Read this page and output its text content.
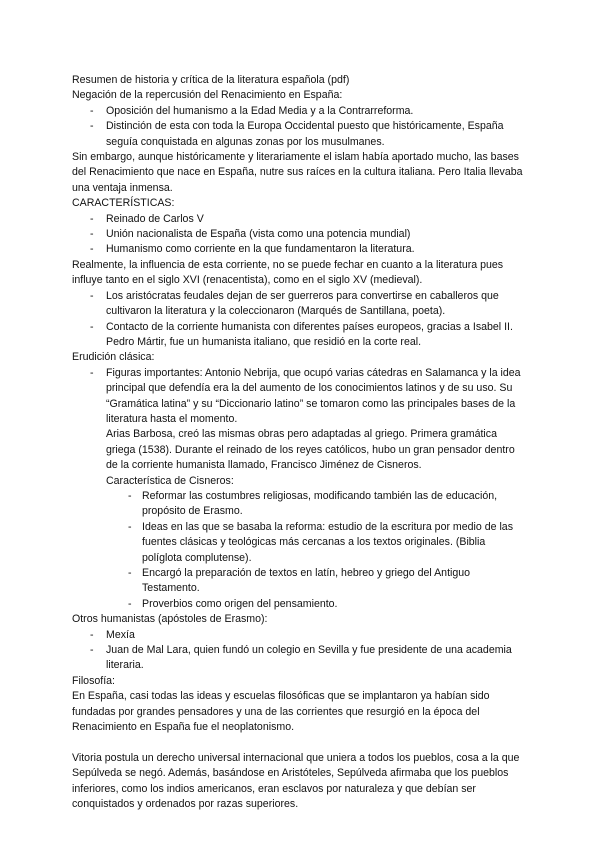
Resumen de historia y crítica de la literatura española (pdf)

Negación de la repercusión del Renacimiento en España:

- Oposición del humanismo a la Edad Media y a la Contrarreforma.
- Distinción de esta con toda la Europa Occidental puesto que históricamente, España seguía conquistada en algunas zonas por los musulmanes.

Sin embargo, aunque históricamente y literariamente el islam había aportado mucho, las bases del Renacimiento que nace en España, nutre sus raíces en la cultura italiana. Pero Italia llevaba una ventaja inmensa.

CARACTERÍSTICAS:

- Reinado de Carlos V
- Unión nacionalista de España (vista como una potencia mundial)
- Humanismo como corriente en la que fundamentaron la literatura.

Realmente, la influencia de esta corriente, no se puede fechar en cuanto a la literatura pues influye tanto en el siglo XVI (renacentista), como en el siglo XV (medieval).

- Los aristócratas feudales dejan de ser guerreros para convertirse en caballeros que cultivaron la literatura y la coleccionaron (Marqués de Santillana, poeta).
- Contacto de la corriente humanista con diferentes países europeos, gracias a Isabel II. Pedro Mártir, fue un humanista italiano, que residió en la corte real.

Erudición clásica:

- Figuras importantes: Antonio Nebrija, que ocupó varias cátedras en Salamanca y la idea principal que defendía era la del aumento de los conocimientos latinos y de su uso. Su “Gramática latina” y su “Diccionario latino” se tomaron como las principales bases de la literatura hasta el momento.

Arias Barbosa, creó las mismas obras pero adaptadas al griego. Primera gramática griega (1538). Durante el reinado de los reyes católicos, hubo un gran pensador dentro de la corriente humanista llamado, Francisco Jiménez de Cisneros.

Característica de Cisneros:

- Reformar las costumbres religiosas, modificando también las de educación, propósito de Erasmo.
- Ideas en las que se basaba la reforma: estudio de la escritura por medio de las fuentes clásicas y teológicas más cercanas a los textos originales. (Biblia políglota complutense).
- Encargó la preparación de textos en latín, hebreo y griego del Antiguo Testamento.
- Proverbios como origen del pensamiento.

Otros humanistas (apóstoles de Erasmo):

- Mexía
- Juan de Mal Lara, quien fundó un colegio en Sevilla y fue presidente de una academia literaria.

Filosofía:

En España, casi todas las ideas y escuelas filosóficas que se implantaron ya habían sido fundadas por grandes pensadores y una de las corrientes que resurgió en la época del Renacimiento en España fue el neoplatonismo.

Vitoria postula un derecho universal internacional que uniera a todos los pueblos, cosa a la que Sepúlveda se negó. Además, basándose en Aristóteles, Sepúlveda afirmaba que los pueblos inferiores, como los indios americanos, eran esclavos por naturaleza y que debían ser conquistados y ordenados por razas superiores.
